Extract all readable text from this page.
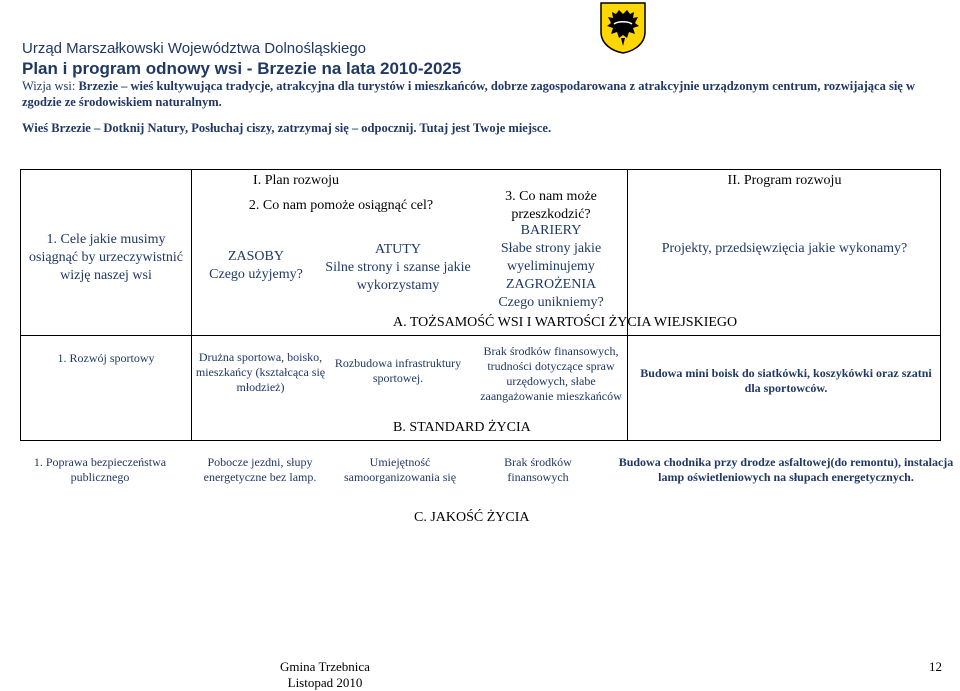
Urząd Marszałkowski Województwa Dolnośląskiego
Plan i program odnowy wsi - Brzezie na lata 2010-2025
Wizja wsi: Brzezie – wieś kultywująca tradycje, atrakcyjna dla turystów i mieszkańców, dobrze zagospodarowana z atrakcyjnie urządzonym centrum, rozwijająca się w zgodzie ze środowiskiem naturalnym.
Wieś Brzezie – Dotknij Natury, Posłuchaj ciszy, zatrzymaj się – odpocznij. Tutaj jest Twoje miejsce.
I. Plan rozwoju	II. Program rozwoju
1. Cele jakie musimy osiągnąć by urzeczywistnić wizję naszej wsi
2. Co nam pomoże osiągnąć cel?
ZASOBY
Czego użyjemy?
ATUTY
Silne strony i szanse jakie wykorzystamy
3. Co nam może przeszkodzić?
BARIERY
Słabe strony jakie wyeliminujemy
ZAGROŻENIA
Czego unikniemy?
Projekty, przedsięwzięcia jakie wykonamy?
A. TOŻSAMOŚĆ WSI I WARTOŚCI ŻYCIA WIEJSKIEGO
1. Rozwój sportowy	Drużna sportowa, boisko, mieszkańcy (kształcąca się młodzież)
Rozbudowa infrastruktury sportowej.
Brak środków finansowych, trudności dotyczące spraw urzędowych, słabe zaangażowanie mieszkańców
Budowa mini boisk do siatkówki, koszykówki oraz szatni dla sportowców.
B. STANDARD ŻYCIA
1. Poprawa bezpieczeństwa publicznego
Pobocze jezdni, słupy energetyczne bez lamp.
Umiejętność samoorganizowania się
Brak środków finansowych
Budowa chodnika przy drodze asfaltowej(do remontu), instalacja lamp oświetleniowych na słupach energetycznych.
C. JAKOŚĆ ŻYCIA
Gmina Trzebnica
Listopad 2010
12
